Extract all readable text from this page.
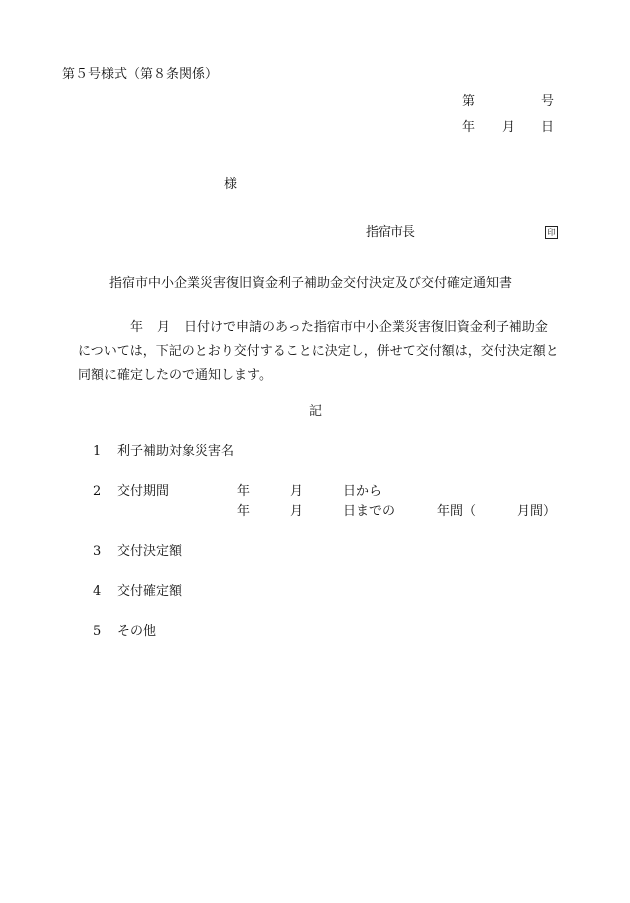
第５号様式（第８条関係）
第	号
年 月 日
様
指宿市長	印
指宿市中小企業災害復旧資金利子補助金交付決定及び交付確定通知書

年 月 日付けで申請のあった指宿市中小企業災害復旧資金利子補助金

については，下記のとおり交付することに決定し，併せて交付額は，交付決定額と

同額に確定したので通知します。

記
1 利子補助対象災害名
2 交付期間	年	月	日から
年	月	日までの	年間（	月間）
3 交付決定額
4 交付確定額
5 その他
